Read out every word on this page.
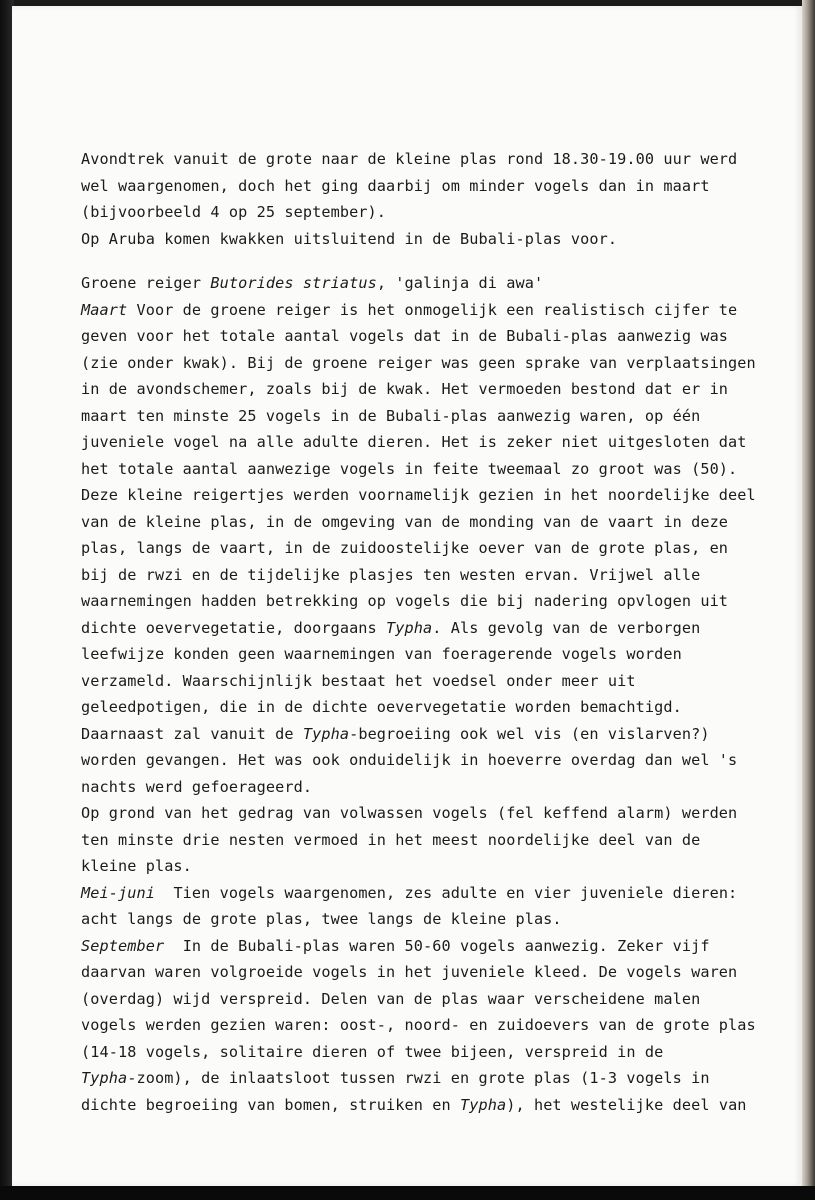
Avondtrek vanuit de grote naar de kleine plas rond 18.30-19.00 uur werd
wel waargenomen, doch het ging daarbij om minder vogels dan in maart
(bijvoorbeeld 4 op 25 september).
Op Aruba komen kwakken uitsluitend in de Bubali-plas voor.
Groene reiger Butorides striatus, 'galinja di awa'
Maart Voor de groene reiger is het onmogelijk een realistisch cijfer te
geven voor het totale aantal vogels dat in de Bubali-plas aanwezig was
(zie onder kwak). Bij de groene reiger was geen sprake van verplaatsingen
in de avondschemer, zoals bij de kwak. Het vermoeden bestond dat er in
maart ten minste 25 vogels in de Bubali-plas aanwezig waren, op één
juveniele vogel na alle adulte dieren. Het is zeker niet uitgesloten dat
het totale aantal aanwezige vogels in feite tweemaal zo groot was (50).
Deze kleine reigertjes werden voornamelijk gezien in het noordelijke deel
van de kleine plas, in de omgeving van de monding van de vaart in deze
plas, langs de vaart, in de zuidoostelijke oever van de grote plas, en
bij de rwzi en de tijdelijke plasjes ten westen ervan. Vrijwel alle
waarnemingen hadden betrekking op vogels die bij nadering opvlogen uit
dichte oevervegetatie, doorgaans Typha. Als gevolg van de verborgen
leefwijze konden geen waarnemingen van foeragerende vogels worden
verzameld. Waarschijnlijk bestaat het voedsel onder meer uit
geleedpotigen, die in de dichte oevervegetatie worden bemachtigd.
Daarnaast zal vanuit de Typha-begroeiing ook wel vis (en vislarven?)
worden gevangen. Het was ook onduidelijk in hoeverre overdag dan wel 's
nachts werd gefoerageerd.
Op grond van het gedrag van volwassen vogels (fel keffend alarm) werden
ten minste drie nesten vermoed in het meest noordelijke deel van de
kleine plas.
Mei-juni  Tien vogels waargenomen, zes adulte en vier juveniele dieren:
acht langs de grote plas, twee langs de kleine plas.
September  In de Bubali-plas waren 50-60 vogels aanwezig. Zeker vijf
daarvan waren volgroeide vogels in het juveniele kleed. De vogels waren
(overdag) wijd verspreid. Delen van de plas waar verscheidene malen
vogels werden gezien waren: oost-, noord- en zuidoevers van de grote plas
(14-18 vogels, solitaire dieren of twee bijeen, verspreid in de
Typha-zoom), de inlaatsloot tussen rwzi en grote plas (1-3 vogels in
dichte begroeiing van bomen, struiken en Typha), het westelijke deel van
